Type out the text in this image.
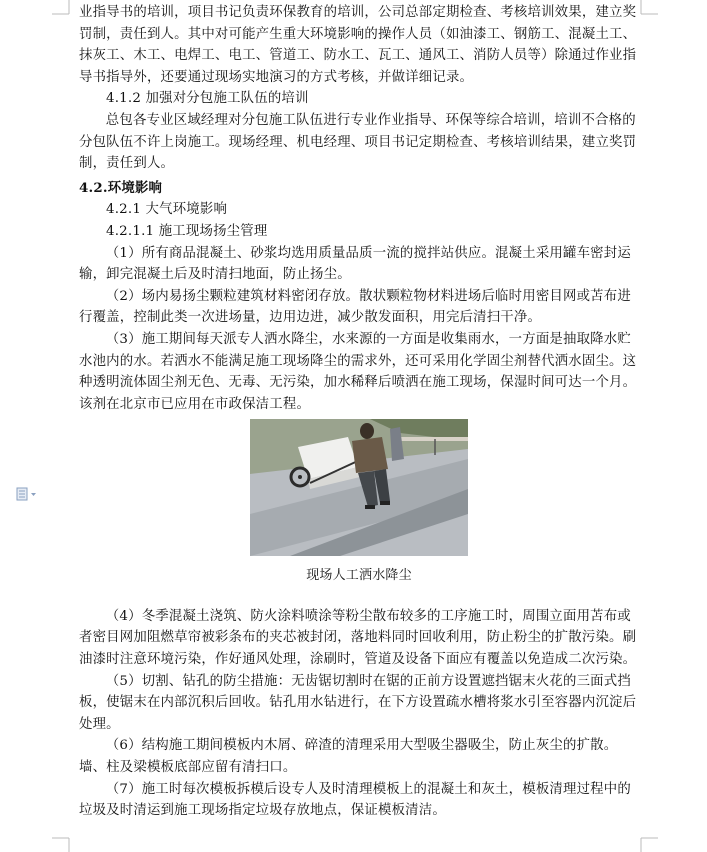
业指导书的培训，项目书记负责环保教育的培训，公司总部定期检查、考核培训效果，建立奖罚制，责任到人。其中对可能产生重大环境影响的操作人员（如油漆工、钢筋工、混凝土工、抹灰工、木工、电焊工、电工、管道工、防水工、瓦工、通风工、消防人员等）除通过作业指导书指导外，还要通过现场实地演习的方式考核，并做详细记录。

4.1.2 加强对分包施工队伍的培训

总包各专业区域经理对分包施工队伍进行专业作业指导、环保等综合培训，培训不合格的分包队伍不许上岗施工。现场经理、机电经理、项目书记定期检查、考核培训结果，建立奖罚制，责任到人。

4.2.环境影响

4.2.1 大气环境影响

4.2.1.1 施工现场扬尘管理

（1）所有商品混凝土、砂浆均选用质量品质一流的搅拌站供应。混凝土采用罐车密封运输，卸完混凝土后及时清扫地面，防止扬尘。

（2）场内易扬尘颗粒建筑材料密闭存放。散状颗粒物材料进场后临时用密目网或苫布进行覆盖，控制此类一次进场量，边用边进，减少散发面积，用完后清扫干净。

（3）施工期间每天派专人洒水降尘，水来源的一方面是收集雨水，一方面是抽取降水贮水池内的水。若洒水不能满足施工现场降尘的需求外，还可采用化学固尘剂替代洒水固尘。这种透明流体固尘剂无色、无毒、无污染，加水稀释后喷洒在施工现场，保湿时间可达一个月。该剂在北京市已应用在市政保洁工程。

现场人工洒水降尘

（4）冬季混凝土浇筑、防火涂料喷涂等粉尘散布较多的工序施工时，周围立面用苫布或者密目网加阻燃草帘被彩条布的夹芯被封闭，落地料同时回收利用，防止粉尘的扩散污染。刷油漆时注意环境污染，作好通风处理，涂刷时，管道及设备下面应有覆盖以免造成二次污染。

（5）切割、钻孔的防尘措施：无齿锯切割时在锯的正前方设置遮挡锯末火花的三面式挡板，使锯末在内部沉积后回收。钻孔用水钻进行，在下方设置疏水槽将浆水引至容器内沉淀后处理。

（6）结构施工期间模板内木屑、碎渣的清理采用大型吸尘器吸尘，防止灰尘的扩散。墙、柱及梁模板底部应留有清扫口。

（7）施工时每次模板拆模后设专人及时清理模板上的混凝土和灰土，模板清理过程中的垃圾及时清运到施工现场指定垃圾存放地点，保证模板清洁。
